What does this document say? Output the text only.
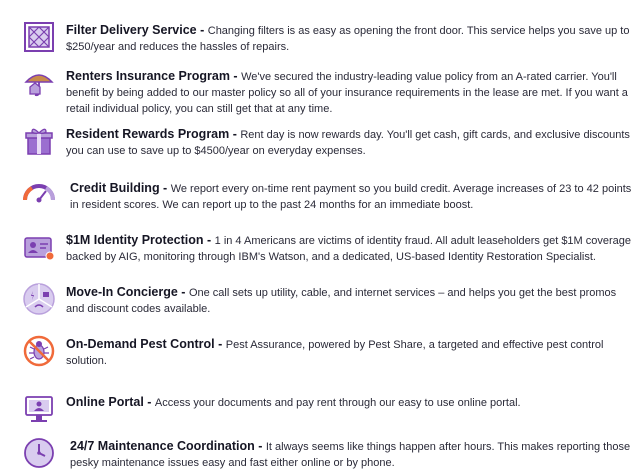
Filter Delivery Service - Changing filters is as easy as opening the front door. This service helps you save up to $250/year and reduces the hassles of repairs.
Renters Insurance Program - We've secured the industry-leading value policy from an A-rated carrier. You'll benefit by being added to our master policy so all of your insurance requirements in the lease are met. If you want a retail individual policy, you can still get that at any time.
Resident Rewards Program - Rent day is now rewards day. You'll get cash, gift cards, and exclusive discounts you can use to save up to $4500/year on everyday expenses.
Credit Building - We report every on-time rent payment so you build credit. Average increases of 23 to 42 points in resident scores. We can report up to the past 24 months for an immediate boost.
$1M Identity Protection - 1 in 4 Americans are victims of identity fraud. All adult leaseholders get $1M coverage backed by AIG, monitoring through IBM's Watson, and a dedicated, US-based Identity Restoration Specialist.
Move-In Concierge - One call sets up utility, cable, and internet services – and helps you get the best promos and discount codes available.
On-Demand Pest Control - Pest Assurance, powered by Pest Share, a targeted and effective pest control solution.
Online Portal - Access your documents and pay rent through our easy to use online portal.
24/7 Maintenance Coordination - It always seems like things happen after hours. This makes reporting those pesky maintenance issues easy and fast either online or by phone.
